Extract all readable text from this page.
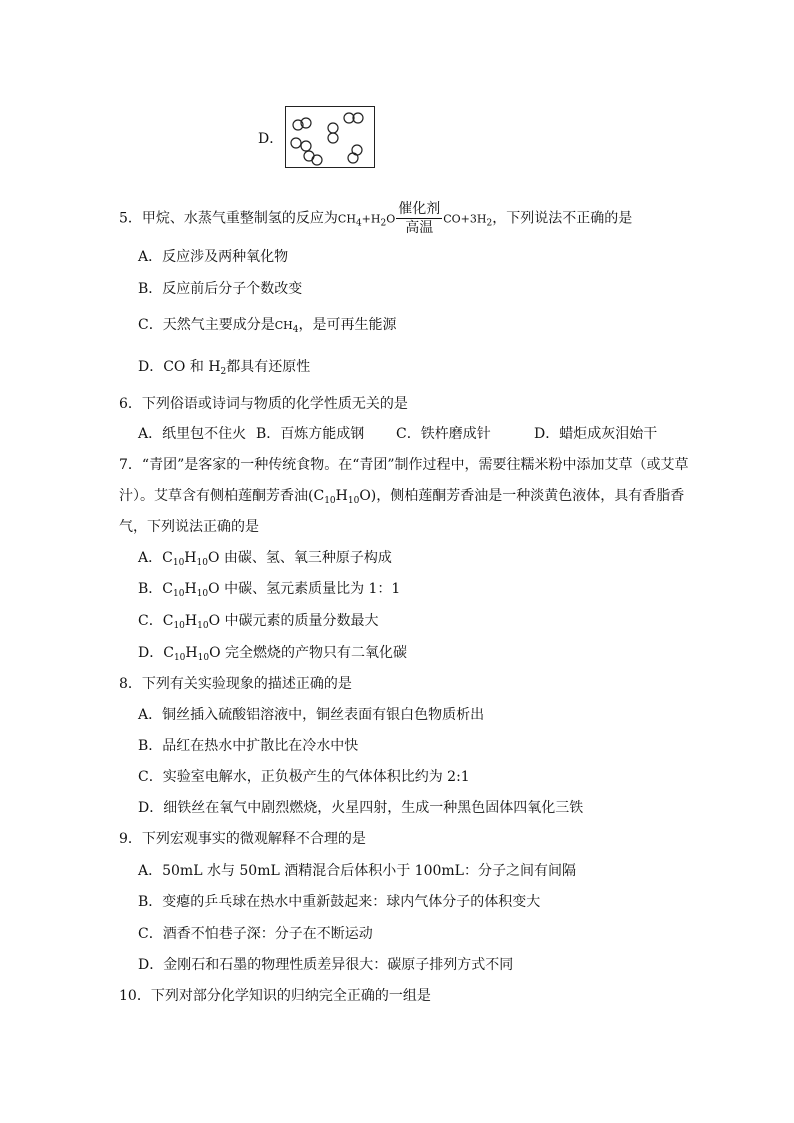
D．
5．甲烷、水蒸气重整制氢的反应为$CH_4+H_2O \frac{\text{催化剂}}{\text{高温}} CO+3H_2$，下列说法不正确的是
A．反应涉及两种氧化物
B．反应前后分子个数改变
C．天然气主要成分是$CH_4$，是可再生能源
D．CO 和 $H_2$都具有还原性
6．下列俗语或诗词与物质的化学性质无关的是
A．纸里包不住火 B．百炼方能成钢 C．铁杵磨成针	D．蜡炬成灰泪始干
7．“青团”是客家的一种传统食物。在“青团”制作过程中，需要往糯米粉中添加艾草（或艾草
汁）。艾草含有侧柏莲酮芳香油$(C_{10}H_{10}O)$，侧柏莲酮芳香油是一种淡黄色液体，具有香脂香
气，下列说法正确的是
A．$C_{10}H_{10}O$ 由碳、氢、氧三种原子构成
B．$C_{10}H_{10}O$ 中碳、氢元素质量比为 1：1
C．$C_{10}H_{10}O$ 中碳元素的质量分数最大
D．$C_{10}H_{10}O$ 完全燃烧的产物只有二氧化碳
8．下列有关实验现象的描述正确的是
A．铜丝插入硫酸铝溶液中，铜丝表面有银白色物质析出
B．品红在热水中扩散比在冷水中快
C．实验室电解水，正负极产生的气体体积比约为 2:1
D．细铁丝在氧气中剧烈燃烧，火星四射，生成一种黑色固体四氧化三铁
9．下列宏观事实的微观解释不合理的是
A．50mL 水与 50mL 酒精混合后体积小于 100mL：分子之间有间隔
B．变瘪的乒乓球在热水中重新鼓起来：球内气体分子的体积变大
C．酒香不怕巷子深：分子在不断运动
D．金刚石和石墨的物理性质差异很大：碳原子排列方式不同
10．下列对部分化学知识的归纳完全正确的一组是
